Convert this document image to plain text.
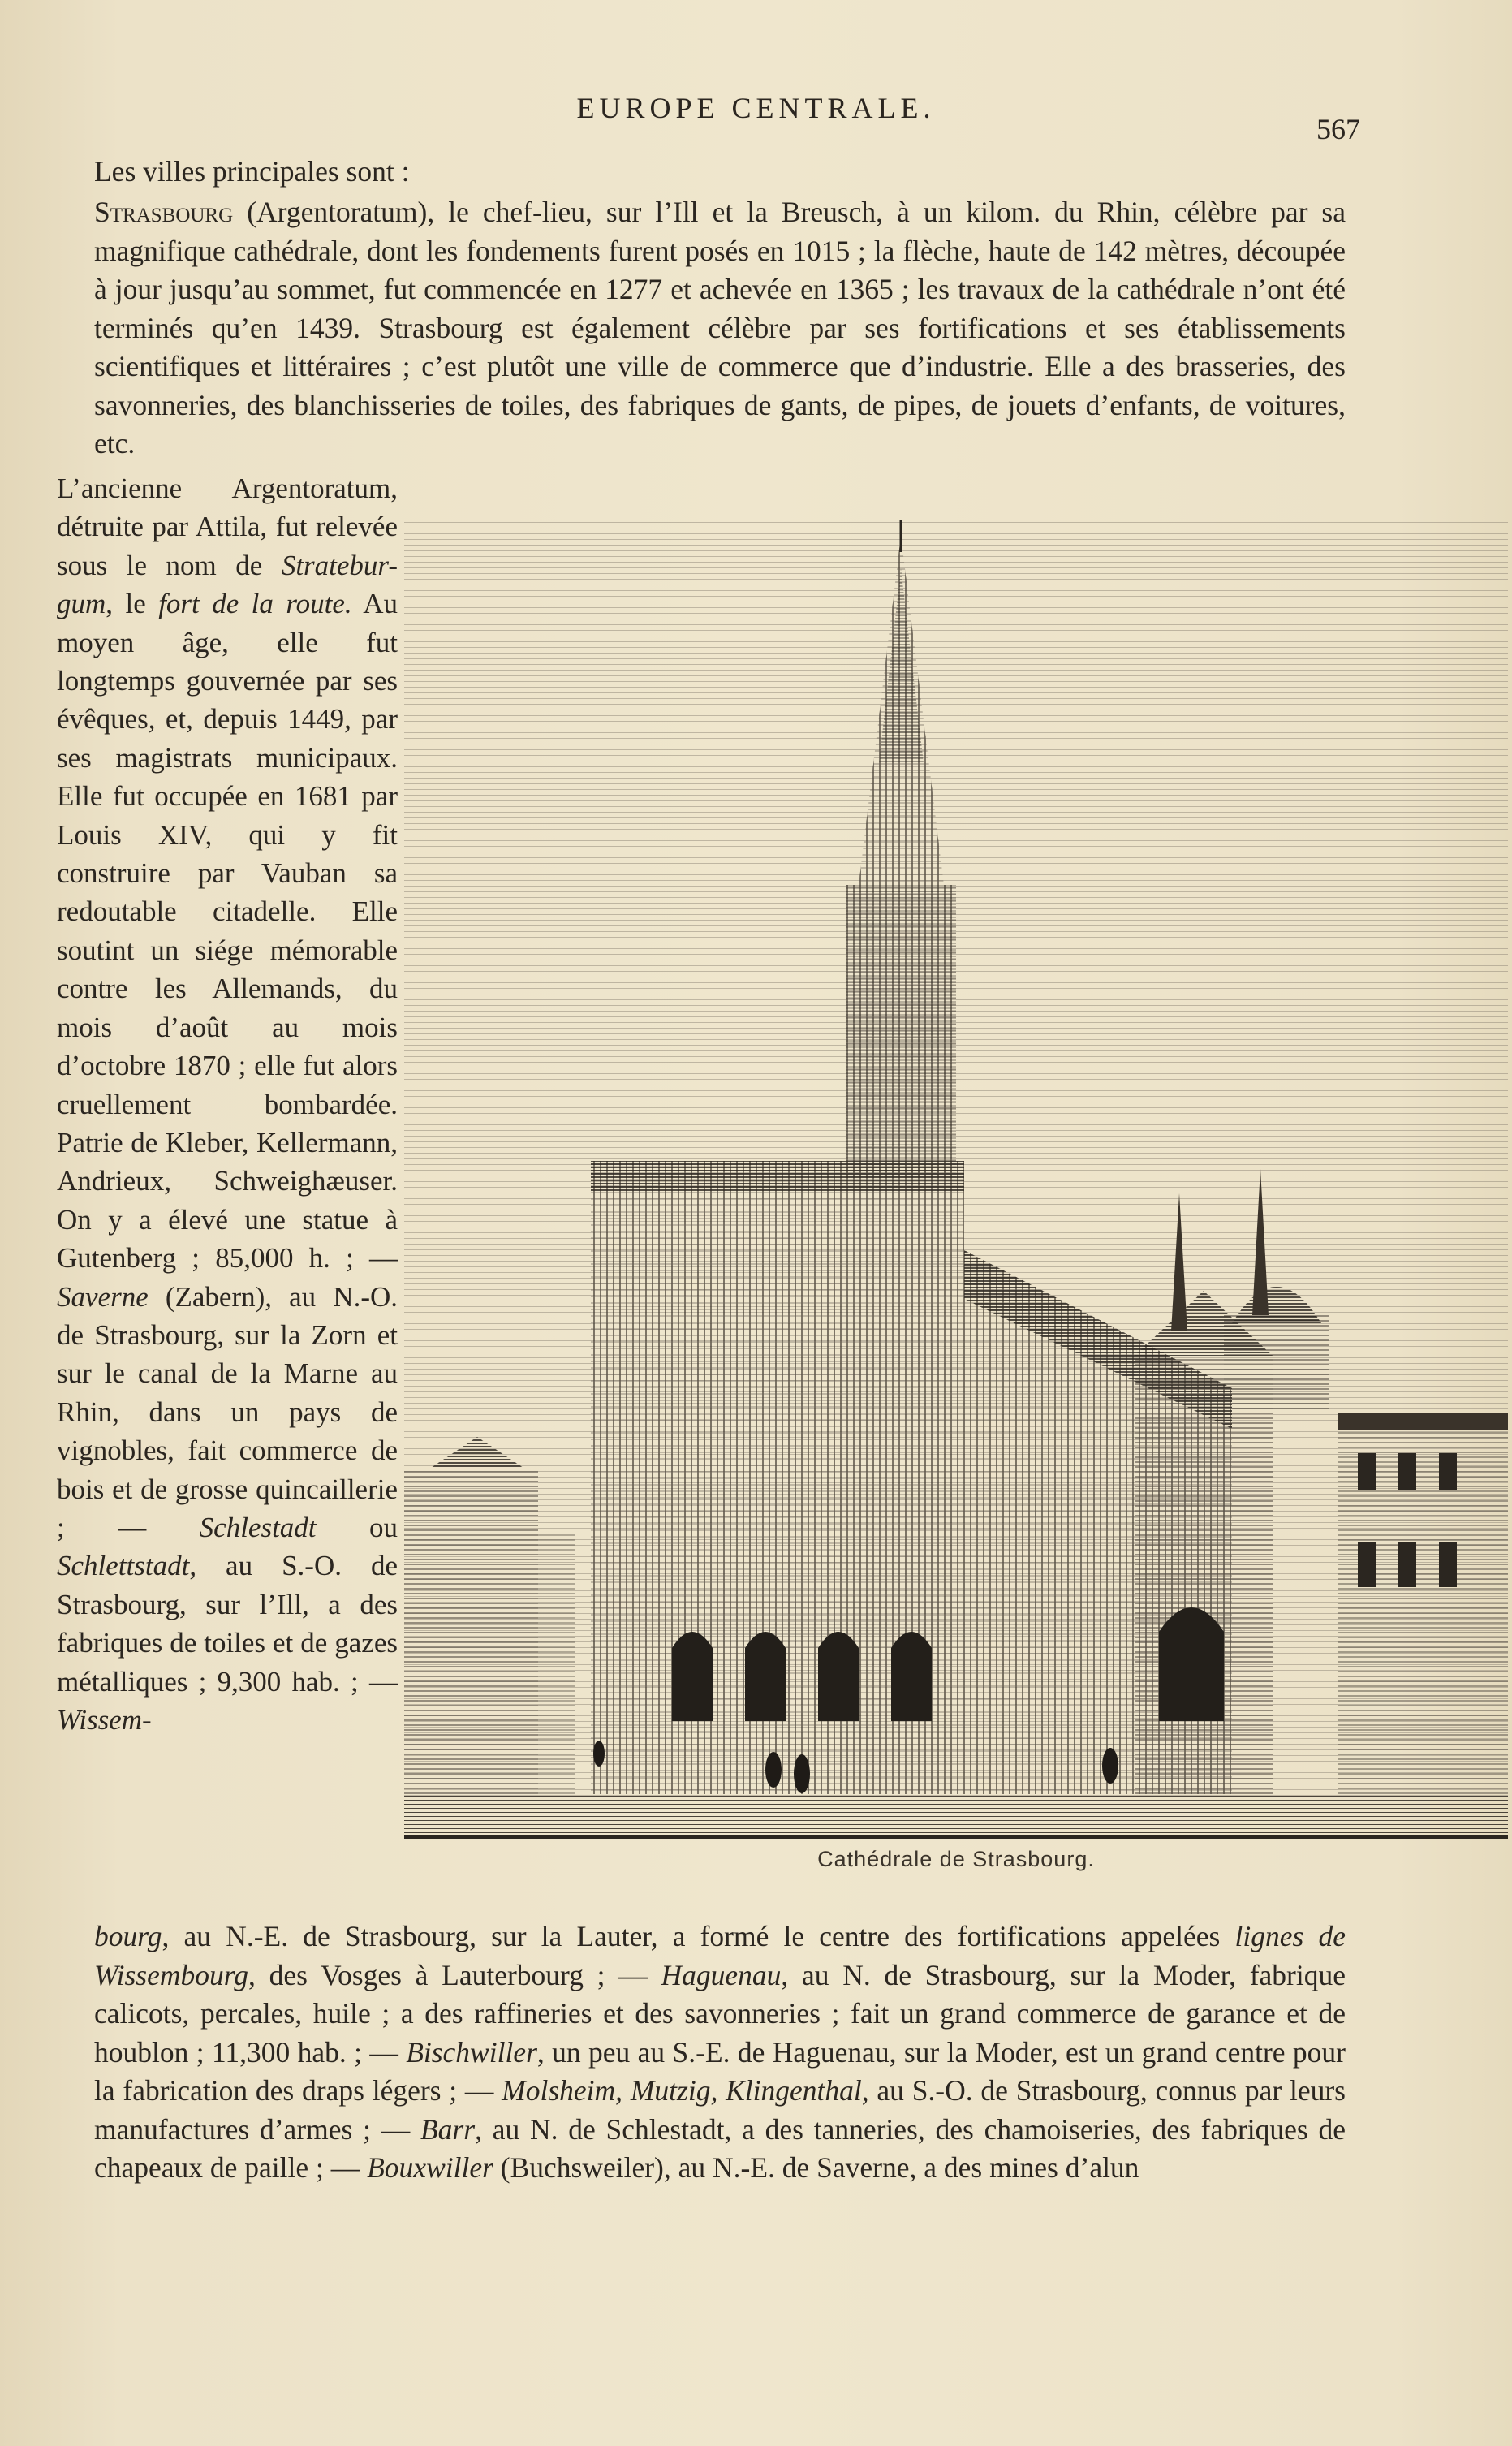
EUROPE CENTRALE.
567
Les villes principales sont :
Strasbourg (Argentoratum), le chef-lieu, sur l’Ill et la Breusch, à un kilom. du Rhin, célèbre par sa magnifique cathédrale, dont les fondements furent posés en 1015 ; la flèche, haute de 142 mètres, découpée à jour jusqu’au sommet, fut commencée en 1277 et achevée en 1365 ; les travaux de la cathédrale n’ont été terminés qu’en 1439. Strasbourg est également célèbre par ses fortifications et ses établissements scientifiques et littéraires ; c’est plutôt une ville de commerce que d’industrie. Elle a des brasseries, des savonneries, des blanchisseries de toiles, des fabriques de gants, de pipes, de jouets d’enfants, de voitures, etc.
L’ancienne Argentoratum, détruite par Attila, fut relevée sous le nom de Stratebur-gum, le fort de la route. Au moyen âge, elle fut longtemps gouvernée par ses évêques, et, depuis 1449, par ses magistrats municipaux. Elle fut occupée en 1681 par Louis XIV, qui y fit construire par Vauban sa redoutable citadelle. Elle soutint un siége mémorable contre les Allemands, du mois d’août au mois d’octobre 1870 ; elle fut alors cruellement bombardée. Patrie de Kleber, Kellermann, Andrieux, Schweighæuser. On y a élevé une statue à Gutenberg ; 85,000 h. ; — Saverne (Zabern), au N.-O. de Strasbourg, sur la Zorn et sur le canal de la Marne au Rhin, dans un pays de vignobles, fait commerce de bois et de grosse quincaillerie ; — Schlestadt ou Schlettstadt, au S.-O. de Strasbourg, sur l’Ill, a des fabriques de toiles et de gazes métalliques ; 9,300 hab. ; — Wissem-
Cathédrale de Strasbourg.
bourg, au N.-E. de Strasbourg, sur la Lauter, a formé le centre des fortifications appelées lignes de Wissembourg, des Vosges à Lauterbourg ; — Haguenau, au N. de Strasbourg, sur la Moder, fabrique calicots, percales, huile ; a des raffineries et des savonneries ; fait un grand commerce de garance et de houblon ; 11,300 hab. ; — Bischwiller, un peu au S.-E. de Haguenau, sur la Moder, est un grand centre pour la fabrication des draps légers ; — Molsheim, Mutzig, Klingenthal, au S.-O. de Strasbourg, connus par leurs manufactures d’armes ; — Barr, au N. de Schlestadt, a des tanneries, des chamoiseries, des fabriques de chapeaux de paille ; — Bouxwiller (Buchsweiler), au N.-E. de Saverne, a des mines d’alun
